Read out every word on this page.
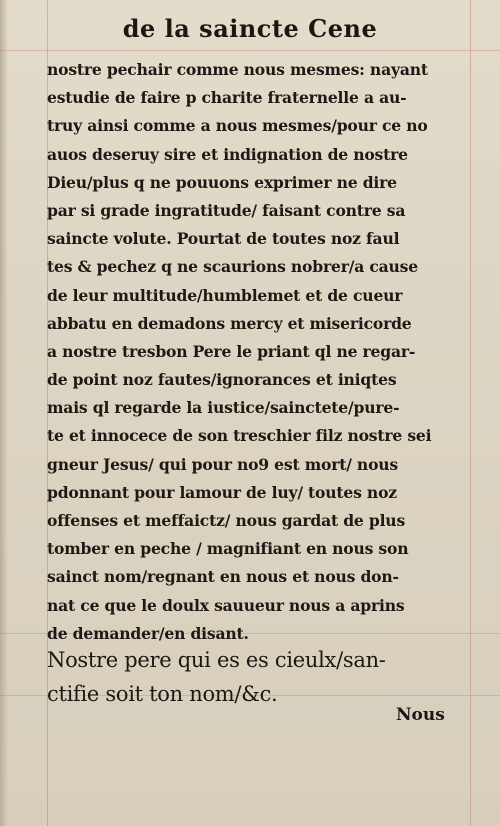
de la saincte Cene
nostre pechair comme nous mesmes: nayant
estudie de faire p charite fraternelle a au-
truy ainsi comme a nous mesmes/pour ce no
auos deseruy sire et indignation de nostre
Dieu/plus q ne pouuons exprimer ne dire
par si grade ingratitude/ faisant contre sa
saincte volute. Pourtat de toutes noz faul
tes & pechez q ne scaurions nobrer/a cause
de leur multitude/humblemet et de cueur
abbatu en demadons mercy et misericorde
a nostre tresbon Pere le priant ql ne regar-
de point noz fautes/ignorances et iniqtes
mais ql regarde la iustice/sainctete/pure-
te et innocece de son treschier filz nostre sei
gneur Jesus/ qui pour no9 est mort/ nous
pdonnant pour lamour de luy/ toutes noz
offenses et meffaictz/ nous gardat de plus
tomber en peche / magnifiant en nous son
sainct nom/regnant en nous et nous don-
nat ce que le doulx sauueur nous a aprins
de demander/en disant.
Nostre pere qui es es cieulx/san-
ctifie soit ton nom/&c.
Nous
